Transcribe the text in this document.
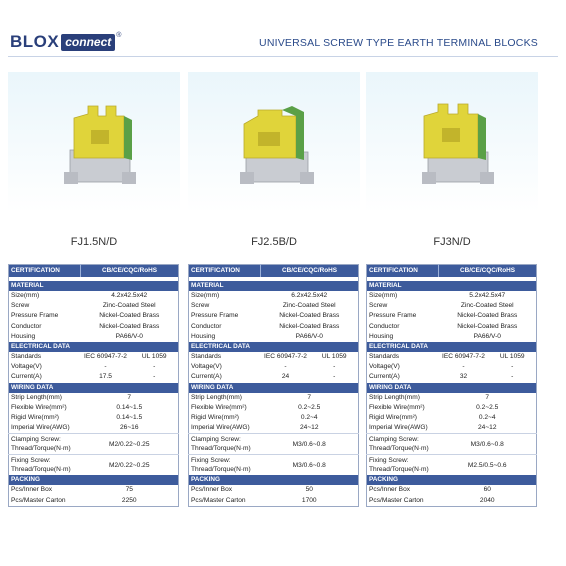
BLOX connect ®
UNIVERSAL SCREW TYPE EARTH TERMINAL BLOCKS
FJ1.5N/D	FJ2.5B/D	FJ3N/D
CERTIFICATION	CB/CE/CQC/RoHS	

MATERIAL		
Size(mm)	4.2x42.5x42	
Screw	Zinc-Coated Steel	
Pressure Frame	Nickel-Coated Brass	
Conductor	Nickel-Coated Brass	
Housing	PA66/V-0	
ELECTRICAL DATA		
Standards	IEC 60947-7-2	UL 1059
Voltage(V)	-	-
Current(A)	17.5	-
WIRING DATA		
Strip Length(mm)	7	
Flexible Wire(mm²)	0.14~1.5	
Rigid Wire(mm²)	0.14~1.5	
Imperial Wire(AWG)	26~16	
Clamping Screw: Thread/Torque(N·m)	M2/0.22~0.25	
Fixing Screw: Thread/Torque(N·m)	M2/0.22~0.25	
PACKING		
Pcs/Inner Box	75	
Pcs/Master Carton	2250	
CERTIFICATION	CB/CE/CQC/RoHS	

MATERIAL		
Size(mm)	6.2x42.5x42	
Screw	Zinc-Coated Steel	
Pressure Frame	Nickel-Coated Brass	
Conductor	Nickel-Coated Brass	
Housing	PA66/V-0	
ELECTRICAL DATA		
Standards	IEC 60947-7-2	UL 1059
Voltage(V)	-	-
Current(A)	24	-
WIRING DATA		
Strip Length(mm)	7	
Flexible Wire(mm²)	0.2~2.5	
Rigid Wire(mm²)	0.2~4	
Imperial Wire(AWG)	24~12	
Clamping Screw: Thread/Torque(N·m)	M3/0.6~0.8	
Fixing Screw: Thread/Torque(N·m)	M3/0.6~0.8	
PACKING		
Pcs/Inner Box	50	
Pcs/Master Carton	1700	
CERTIFICATION	CB/CE/CQC/RoHS	

MATERIAL		
Size(mm)	5.2x42.5x47	
Screw	Zinc-Coated Steel	
Pressure Frame	Nickel-Coated Brass	
Conductor	Nickel-Coated Brass	
Housing	PA66/V-0	
ELECTRICAL DATA		
Standards	IEC 60947-7-2	UL 1059
Voltage(V)	-	-
Current(A)	32	-
WIRING DATA		
Strip Length(mm)	7	
Flexible Wire(mm²)	0.2~2.5	
Rigid Wire(mm²)	0.2~4	
Imperial Wire(AWG)	24~12	
Clamping Screw: Thread/Torque(N·m)	M3/0.6~0.8	
Fixing Screw: Thread/Torque(N·m)	M2.5/0.5~0.6	
PACKING		
Pcs/Inner Box	60	
Pcs/Master Carton	2040	
